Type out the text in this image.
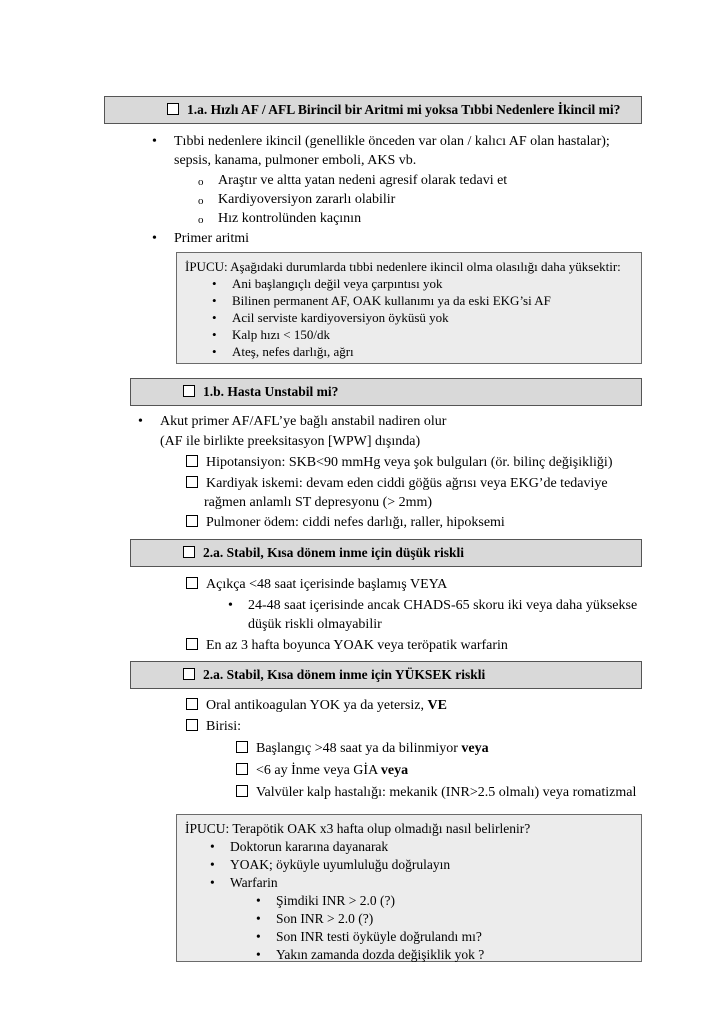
1.a. Hızlı AF / AFL Birincil bir Aritmi mi yoksa Tıbbi Nedenlere İkincil mi?
• Tıbbi nedenlere ikincil (genellikle önceden var olan / kalıcı AF olan hastalar);
sepsis, kanama, pulmoner emboli, AKS vb.
o Araştır ve altta yatan nedeni agresif olarak tedavi et
o Kardiyoversiyon zararlı olabilir
o Hız kontrolünden kaçının
• Primer aritmi
İPUCU: Aşağıdaki durumlarda tıbbi nedenlere ikincil olma olasılığı daha yüksektir:
• Ani başlangıçlı değil veya çarpıntısı yok
• Bilinen permanent AF, OAK kullanımı ya da eski EKG’si AF
• Acil serviste kardiyoversiyon öyküsü yok
• Kalp hızı < 150/dk
• Ateş, nefes darlığı, ağrı
1.b. Hasta Unstabil mi?
• Akut primer AF/AFL’ye bağlı anstabil nadiren olur
(AF ile birlikte preeksitasyon [WPW] dışında)
Hipotansiyon: SKB<90 mmHg veya şok bulguları (ör. bilinç değişikliği)
Kardiyak iskemi: devam eden ciddi göğüs ağrısı veya EKG’de tedaviye
rağmen anlamlı ST depresyonu (> 2mm)
Pulmoner ödem: ciddi nefes darlığı, raller, hipoksemi
2.a. Stabil, Kısa dönem inme için düşük riskli
Açıkça <48 saat içerisinde başlamış VEYA
• 24-48 saat içerisinde ancak CHADS-65 skoru iki veya daha yüksekse
düşük riskli olmayabilir
En az 3 hafta boyunca YOAK veya teröpatik warfarin
2.a. Stabil, Kısa dönem inme için YÜKSEK riskli
Oral antikoagulan YOK ya da yetersiz, VE
Birisi:
Başlangıç >48 saat ya da bilinmiyor veya
<6 ay İnme veya GİA veya
Valvüler kalp hastalığı: mekanik (INR>2.5 olmalı) veya romatizmal
İPUCU: Terapötik OAK x3 hafta olup olmadığı nasıl belirlenir?
• Doktorun kararına dayanarak
• YOAK; öyküyle uyumluluğu doğrulayın
• Warfarin
• Şimdiki INR > 2.0 (?)
• Son INR > 2.0 (?)
• Son INR testi öyküyle doğrulandı mı?
• Yakın zamanda dozda değişiklik yok ?
